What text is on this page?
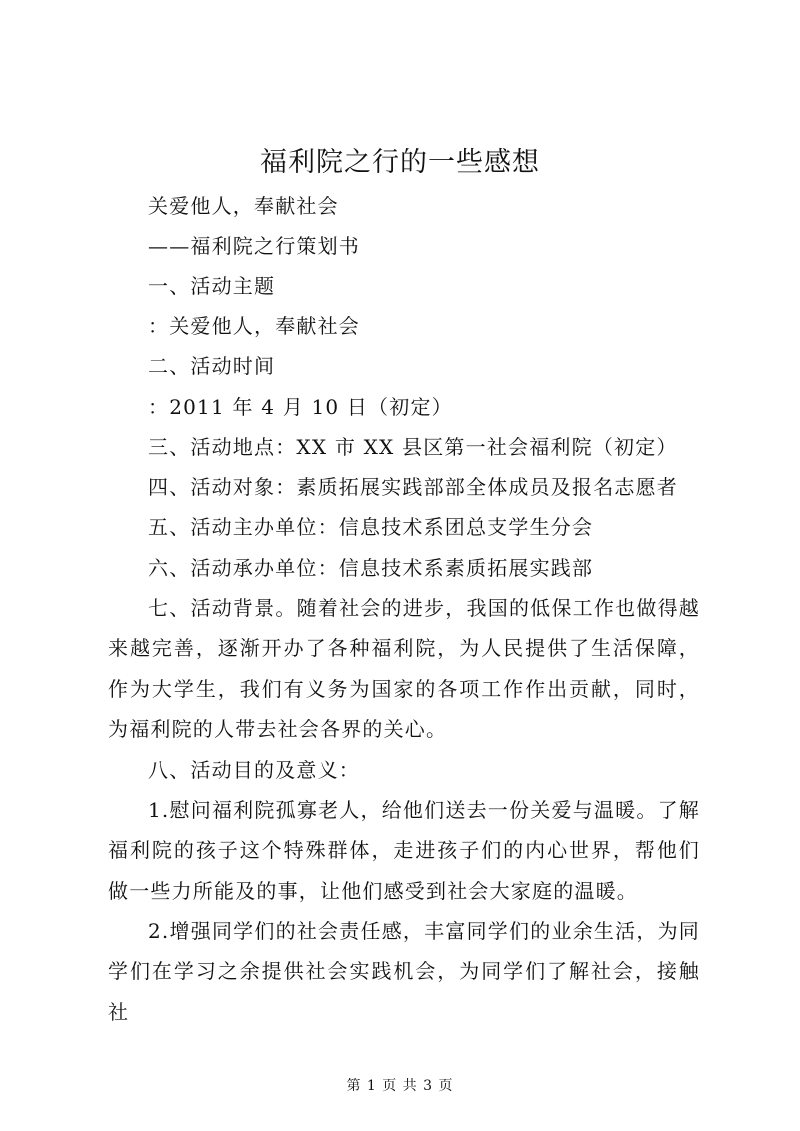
福利院之行的一些感想
关爱他人，奉献社会
——福利院之行策划书
一、活动主题
：关爱他人，奉献社会
二、活动时间
：2011 年 4 月 10 日（初定）
三、活动地点：XX 市 XX 县区第一社会福利院（初定）
四、活动对象：素质拓展实践部部全体成员及报名志愿者
五、活动主办单位：信息技术系团总支学生分会
六、活动承办单位：信息技术系素质拓展实践部
七、活动背景。随着社会的进步，我国的低保工作也做得越来越完善，逐渐开办了各种福利院，为人民提供了生活保障，作为大学生，我们有义务为国家的各项工作作出贡献，同时，为福利院的人带去社会各界的关心。
八、活动目的及意义：
1.慰问福利院孤寡老人，给他们送去一份关爱与温暖。了解福利院的孩子这个特殊群体，走进孩子们的内心世界，帮他们做一些力所能及的事，让他们感受到社会大家庭的温暖。
2.增强同学们的社会责任感，丰富同学们的业余生活，为同学们在学习之余提供社会实践机会，为同学们了解社会，接触社
第 1 页 共 3 页
